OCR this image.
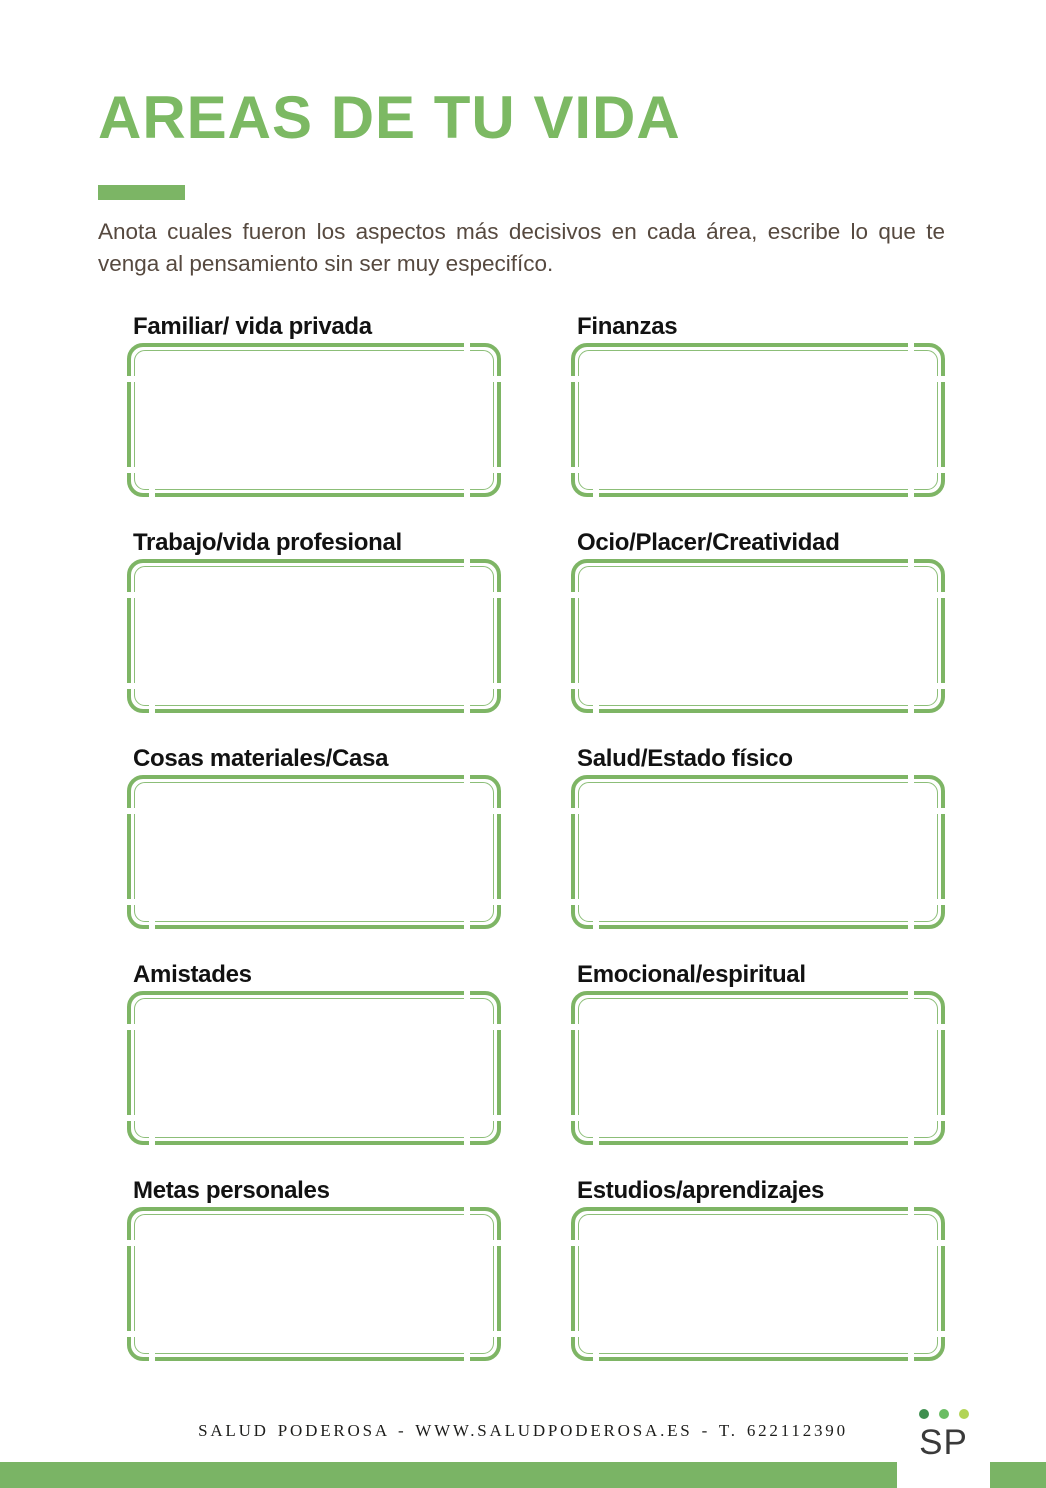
AREAS DE TU VIDA

Anota cuales fueron los aspectos más decisivos en cada área, escribe lo que te venga al pensamiento sin ser muy especifíco.

Familiar/ vida privada	Finanzas
Trabajo/vida profesional	Ocio/Placer/Creatividad
Cosas materiales/Casa	Salud/Estado físico
Amistades	Emocional/espiritual
Metas personales	Estudios/aprendizajes
SALUD PODEROSA - WWW.SALUDPODEROSA.ES - T. 622112390	SP
